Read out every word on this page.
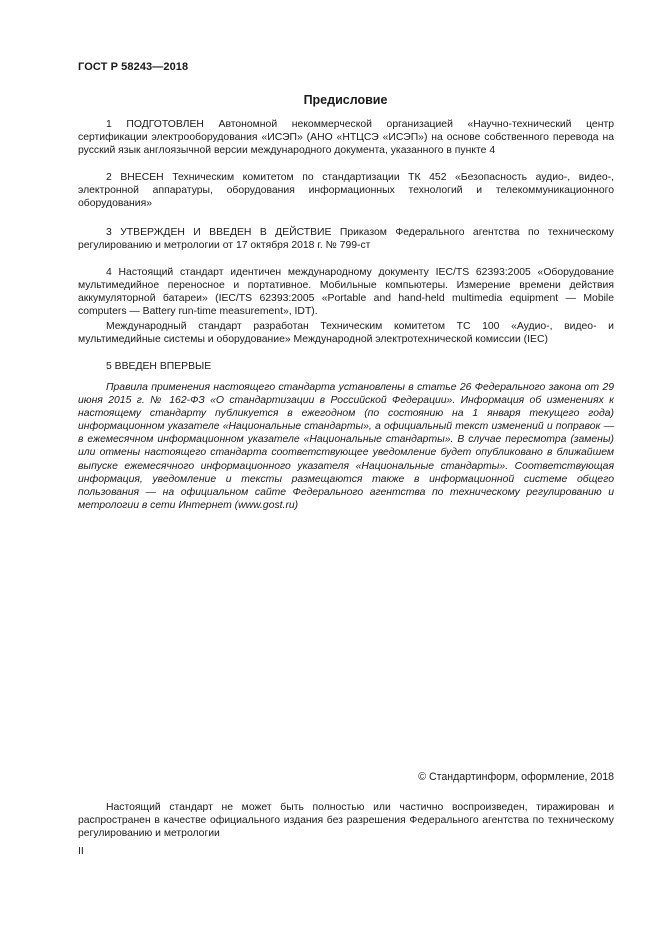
ГОСТ Р 58243—2018
Предисловие

1 ПОДГОТОВЛЕН Автономной некоммерческой организацией «Научно-технический центр сертификации электрооборудования «ИСЭП» (АНО «НТЦСЭ «ИСЭП») на основе собственного перевода на русский язык англоязычной версии международного документа, указанного в пункте 4

2 ВНЕСЕН Техническим комитетом по стандартизации ТК 452 «Безопасность аудио-, видео-, электронной аппаратуры, оборудования информационных технологий и телекоммуникационного оборудования»

3 УТВЕРЖДЕН И ВВЕДЕН В ДЕЙСТВИЕ Приказом Федерального агентства по техническому регулированию и метрологии от 17 октября 2018 г. № 799-ст

4 Настоящий стандарт идентичен международному документу IEC/TS 62393:2005 «Оборудование мультимедийное переносное и портативное. Мобильные компьютеры. Измерение времени действия аккумуляторной батареи» (IEC/TS 62393:2005 «Portable and hand-held multimedia equipment — Mobile computers — Battery run-time measurement», IDT).

Международный стандарт разработан Техническим комитетом ТС 100 «Аудио-, видео- и мультимедийные системы и оборудование» Международной электротехнической комиссии (IEC)

5 ВВЕДЕН ВПЕРВЫЕ

Правила применения настоящего стандарта установлены в статье 26 Федерального закона от 29 июня 2015 г. № 162-ФЗ «О стандартизации в Российской Федерации». Информация об изменениях к настоящему стандарту публикуется в ежегодном (по состоянию на 1 января текущего года) информационном указателе «Национальные стандарты», а официальный текст изменений и поправок — в ежемесячном информационном указателе «Национальные стандарты». В случае пересмотра (замены) или отмены настоящего стандарта соответствующее уведомление будет опубликовано в ближайшем выпуске ежемесячного информационного указателя «Национальные стандарты». Соответствующая информация, уведомление и тексты размещаются также в информационной системе общего пользования — на официальном сайте Федерального агентства по техническому регулированию и метрологии в сети Интернет (www.gost.ru)

© Стандартинформ, оформление, 2018

Настоящий стандарт не может быть полностью или частично воспроизведен, тиражирован и распространен в качестве официального издания без разрешения Федерального агентства по техническому регулированию и метрологии

II
